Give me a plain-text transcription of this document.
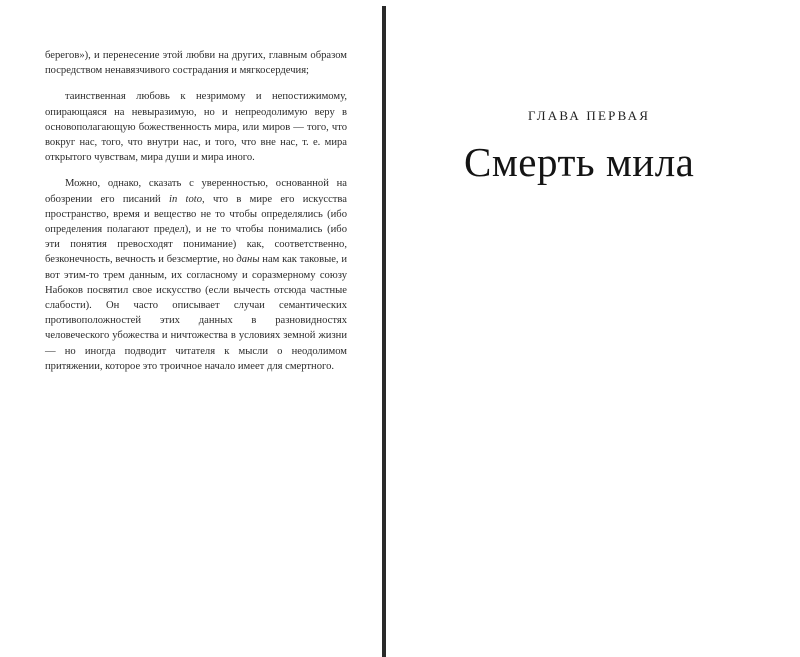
берегов»), и перенесение этой любви на других, главным образом посредством ненавязчивого сострадания и мягкосердечия;

таинственная любовь к незримому и непостижимому, опирающаяся на невыразимую, но и непреодолимую веру в основополагающую божественность мира, или миров — того, что вокруг нас, того, что внутри нас, и того, что вне нас, т. е. мира открытого чувствам, мира души и мира иного.

Можно, однако, сказать с уверенностью, основанной на обозрении его писаний in toto, что в мире его искусства пространство, время и вещество не то чтобы определялись (ибо определения полагают предел), и не то чтобы понимались (ибо эти понятия превосходят понимание) как, соответственно, безконечность, вечность и безсмертие, но даны нам как таковые, и вот этим-то трем данным, их согласному и соразмерному союзу Набоков посвятил свое искусство (если вычесть отсюда частные слабости). Он часто описывает случаи семантических противоположностей этих данных в разновидностях человеческого убожества и ничтожества в условиях земной жизни — но иногда подводит читателя к мысли о неодолимом притяжении, которое это троичное начало имеет для смертного.

ГЛАВА ПЕРВАЯ
Смерть мила
